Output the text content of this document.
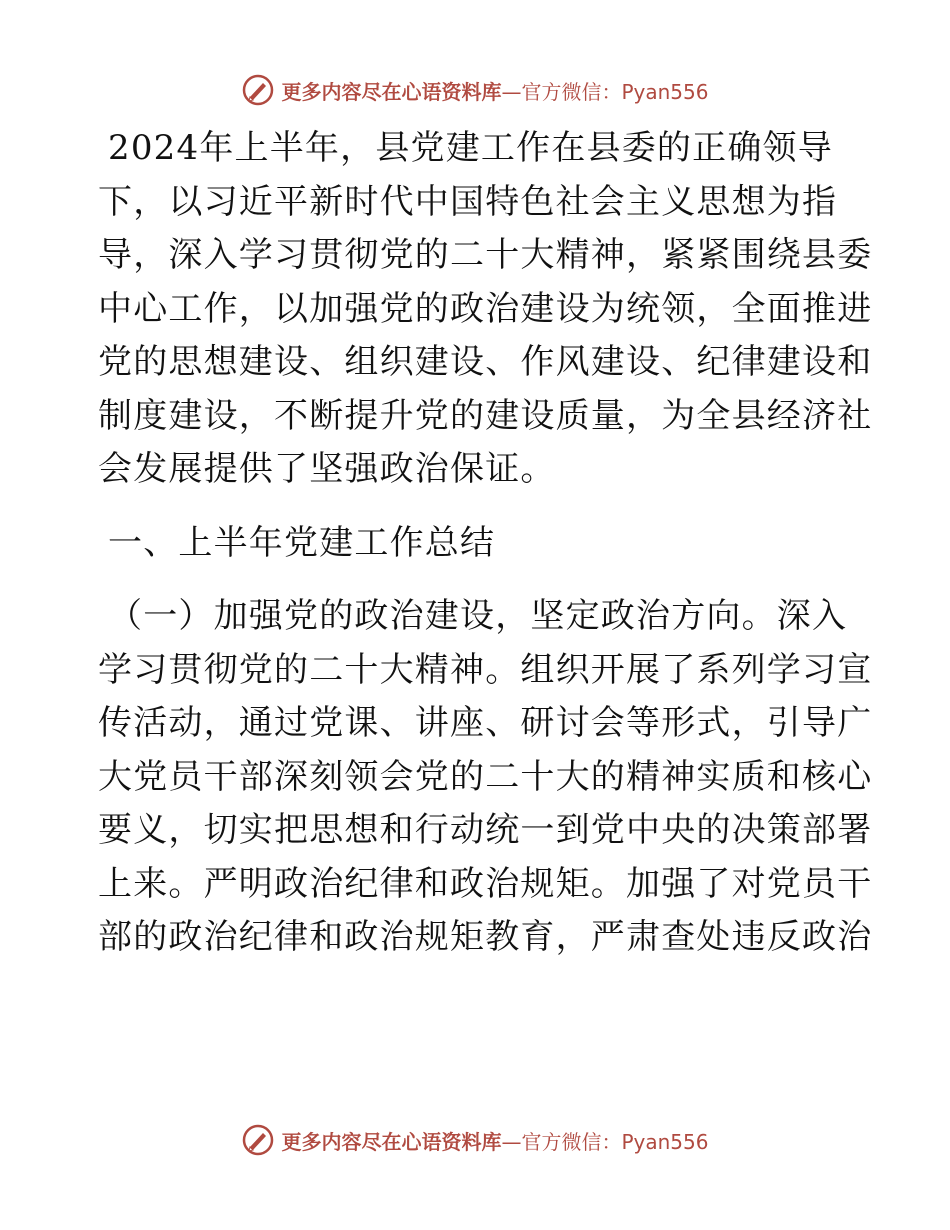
更多内容尽在心语资料库—官方微信：Pyan556

2024年上半年，县党建工作在县委的正确领导
下，以习近平新时代中国特色社会主义思想为指
导，深入学习贯彻党的二十大精神，紧紧围绕县委
中心工作，以加强党的政治建设为统领，全面推进
党的思想建设、组织建设、作风建设、纪律建设和
制度建设，不断提升党的建设质量，为全县经济社
会发展提供了坚强政治保证。

一、上半年党建工作总结

（一）加强党的政治建设，坚定政治方向。深入
学习贯彻党的二十大精神。组织开展了系列学习宣
传活动，通过党课、讲座、研讨会等形式，引导广
大党员干部深刻领会党的二十大的精神实质和核心
要义，切实把思想和行动统一到党中央的决策部署
上来。严明政治纪律和政治规矩。加强了对党员干
部的政治纪律和政治规矩教育，严肃查处违反政治

更多内容尽在心语资料库—官方微信：Pyan556
